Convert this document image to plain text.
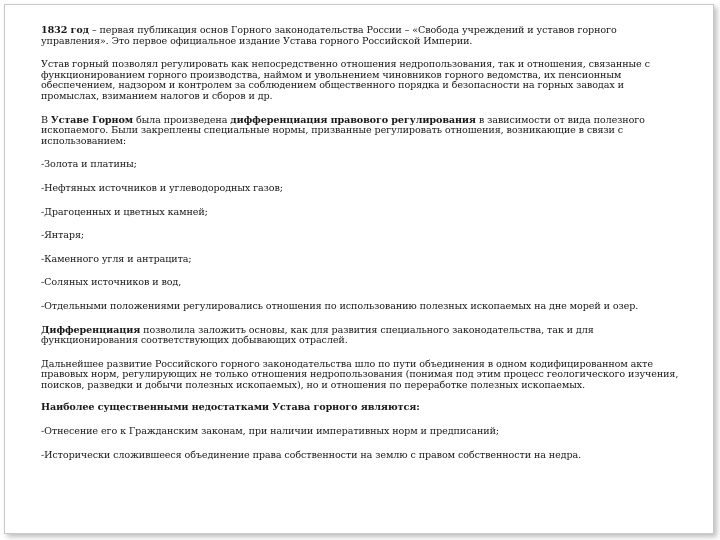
1832 год – первая публикация основ Горного законодательства России – «Свобода учреждений и уставов горного управления». Это первое официальное издание Устава горного Российской Империи.

Устав горный позволял регулировать как непосредственно отношения недропользования, так и отношения, связанные с функционированием горного производства, наймом и увольнением чиновников горного ведомства, их пенсионным обеспечением, надзором и контролем за соблюдением общественного порядка и безопасности на горных заводах и промыслах, взиманием налогов и сборов и др.

В Уставе Горном была произведена дифференциация правового регулирования в зависимости от вида полезного ископаемого. Были закреплены специальные нормы, призванные регулировать отношения, возникающие в связи с использованием:

-Золота и платины;

-Нефтяных источников и углеводородных газов;

-Драгоценных и цветных камней;

-Янтаря;

-Каменного угля и антрацита;

-Соляных источников и вод,

-Отдельными положениями регулировались отношения по использованию полезных ископаемых на дне морей и озер.

Дифференциация позволила заложить основы, как для развития специального законодательства, так и для функционирования соответствующих добывающих отраслей.

Дальнейшее развитие Российского горного законодательства шло по пути объединения в одном кодифицированном акте правовых норм, регулирующих не только отношения недропользования (понимая под этим процесс геологического изучения, поисков, разведки и добычи полезных ископаемых), но и отношения по переработке полезных ископаемых.

Наиболее существенными недостатками Устава горного являются:

-Отнесение его к Гражданским законам, при наличии императивных норм и предписаний;

-Исторически сложившееся объединение права собственности на землю с правом собственности на недра.
